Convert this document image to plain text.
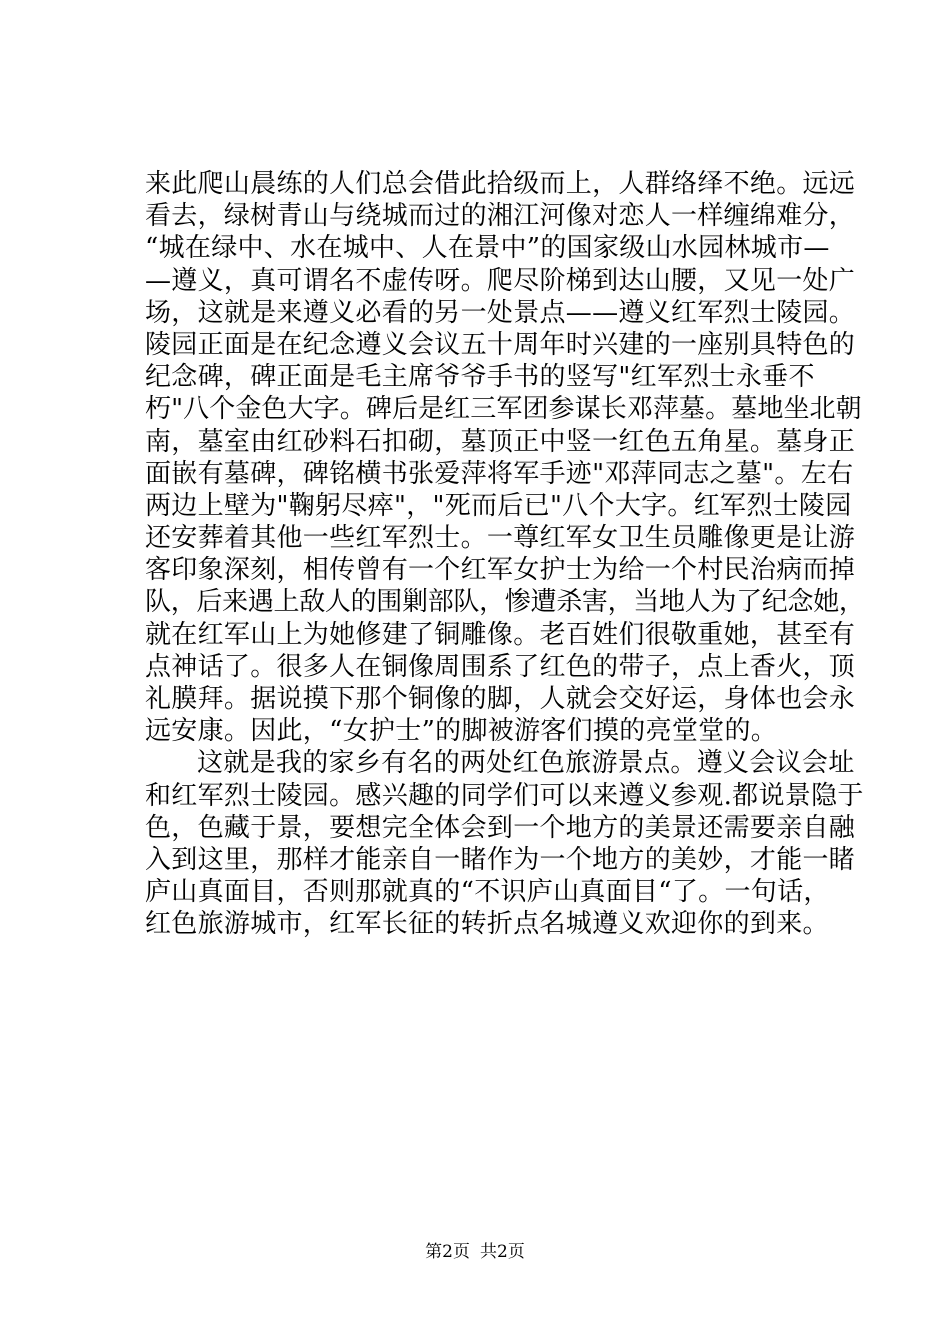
来此爬山晨练的人们总会借此拾级而上，人群络绎不绝。远远
看去，绿树青山与绕城而过的湘江河像对恋人一样缠绵难分，
“城在绿中、水在城中、人在景中”的国家级山水园林城市—
—遵义，真可谓名不虚传呀。爬尽阶梯到达山腰，又见一处广
场，这就是来遵义必看的另一处景点——遵义红军烈士陵园。
陵园正面是在纪念遵义会议五十周年时兴建的一座别具特色的
纪念碑，碑正面是毛主席爷爷手书的竖写"红军烈士永垂不
朽"八个金色大字。碑后是红三军团参谋长邓萍墓。墓地坐北朝
南，墓室由红砂料石扣砌，墓顶正中竖一红色五角星。墓身正
面嵌有墓碑，碑铭横书张爱萍将军手迹"邓萍同志之墓"。左右
两边上壁为"鞠躬尽瘁"，"死而后已"八个大字。红军烈士陵园
还安葬着其他一些红军烈士。一尊红军女卫生员雕像更是让游
客印象深刻，相传曾有一个红军女护士为给一个村民治病而掉
队，后来遇上敌人的围剿部队，惨遭杀害，当地人为了纪念她，
就在红军山上为她修建了铜雕像。老百姓们很敬重她，甚至有
点神话了。很多人在铜像周围系了红色的带子，点上香火，顶
礼膜拜。据说摸下那个铜像的脚，人就会交好运，身体也会永
远安康。因此，“女护士”的脚被游客们摸的亮堂堂的。
这就是我的家乡有名的两处红色旅游景点。遵义会议会址
和红军烈士陵园。感兴趣的同学们可以来遵义参观.都说景隐于
色，色藏于景，要想完全体会到一个地方的美景还需要亲自融
入到这里，那样才能亲自一睹作为一个地方的美妙，才能一睹
庐山真面目，否则那就真的“不识庐山真面目“了。一句话，
红色旅游城市，红军长征的转折点名城遵义欢迎你的到来。
第2页 共2页
